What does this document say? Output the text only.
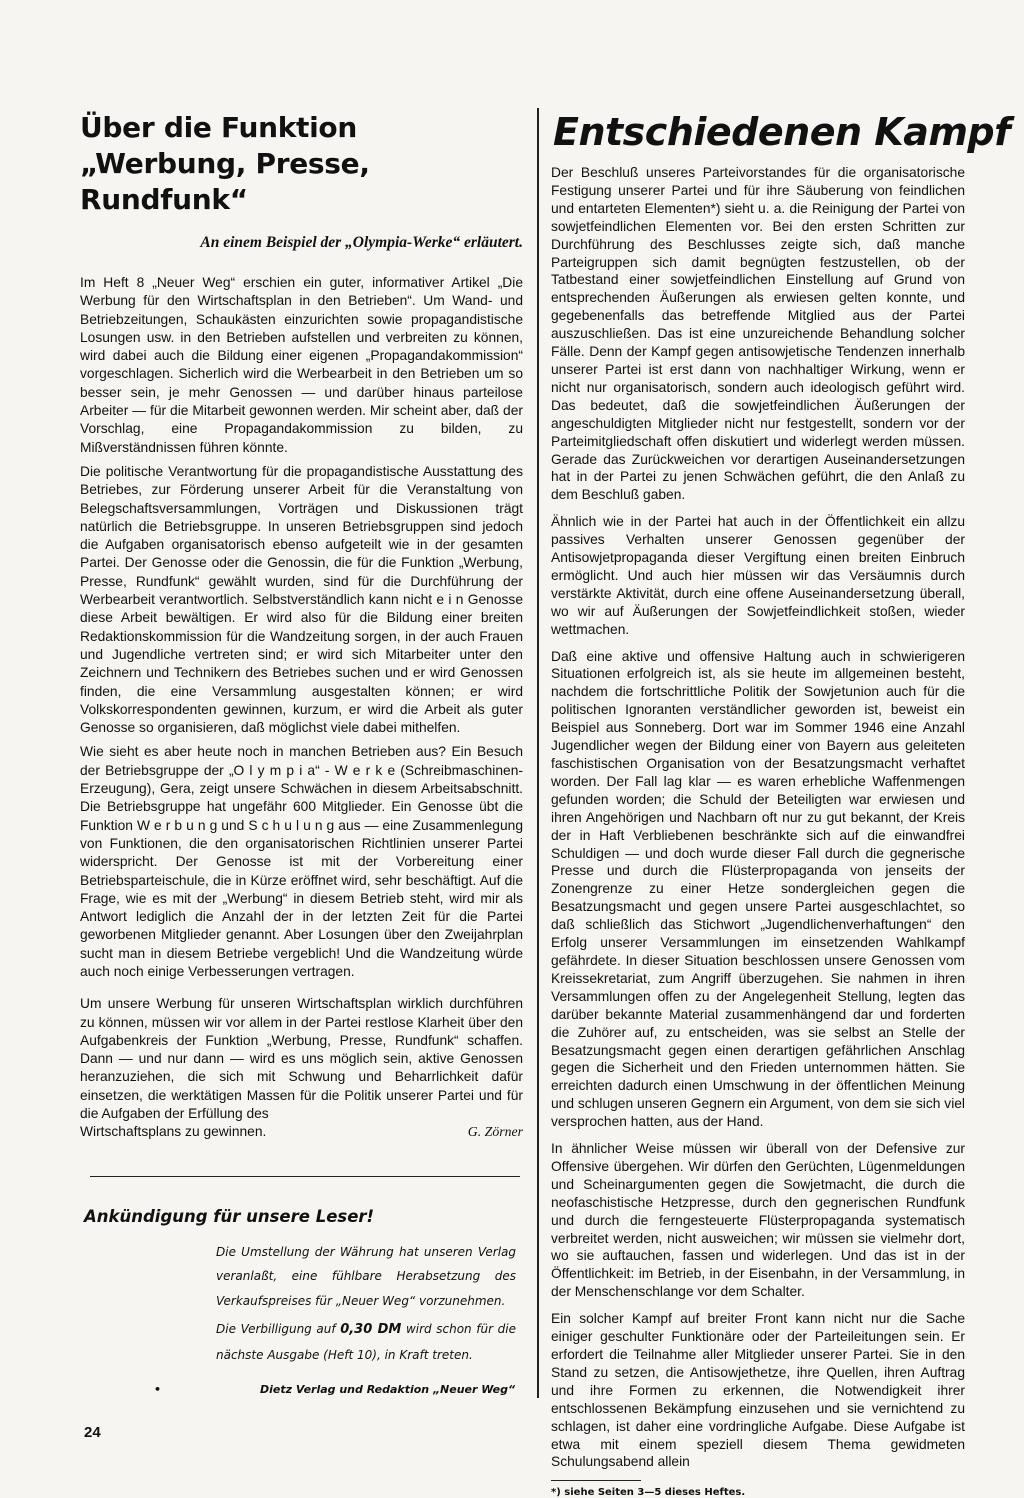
Über die Funktion
„Werbung, Presse, Rundfunk“
An einem Beispiel der „Olympia-Werke“ erläutert.

Im Heft 8 „Neuer Weg“ erschien ein guter, informativer Artikel „Die Werbung für den Wirtschaftsplan in den Betrieben“. Um Wand- und Betriebzeitungen, Schaukästen einzurichten sowie propagandistische Losungen usw. in den Betrieben aufstellen und verbreiten zu können, wird dabei auch die Bildung einer eigenen „Propagandakommission“ vorgeschlagen. Sicherlich wird die Werbearbeit in den Betrieben um so besser sein, je mehr Genossen — und darüber hinaus parteilose Arbeiter — für die Mitarbeit gewonnen werden. Mir scheint aber, daß der Vorschlag, eine Propagandakommission zu bilden, zu Mißverständnissen führen könnte.

Die politische Verantwortung für die propagandistische Ausstattung des Betriebes, zur Förderung unserer Arbeit für die Veranstaltung von Belegschaftsversammlungen, Vorträgen und Diskussionen trägt natürlich die Betriebsgruppe. In unseren Betriebsgruppen sind jedoch die Aufgaben organisatorisch ebenso aufgeteilt wie in der gesamten Partei. Der Genosse oder die Genossin, die für die Funktion „Werbung, Presse, Rundfunk“ gewählt wurden, sind für die Durchführung der Werbearbeit verantwortlich. Selbstverständlich kann nicht e i n Genosse diese Arbeit bewältigen. Er wird also für die Bildung einer breiten Redaktionskommission für die Wandzeitung sorgen, in der auch Frauen und Jugendliche vertreten sind; er wird sich Mitarbeiter unter den Zeichnern und Technikern des Betriebes suchen und er wird Genossen finden, die eine Versammlung ausgestalten können; er wird Volkskorrespondenten gewinnen, kurzum, er wird die Arbeit als guter Genosse so organisieren, daß möglichst viele dabei mithelfen.

Wie sieht es aber heute noch in manchen Betrieben aus? Ein Besuch der Betriebsgruppe der „O l y m p i a“ - W e r k e (Schreibmaschinen-Erzeugung), Gera, zeigt unsere Schwächen in diesem Arbeitsabschnitt. Die Betriebsgruppe hat ungefähr 600 Mitglieder. Ein Genosse übt die Funktion W e r b u n g und S c h u l u n g aus — eine Zusammenlegung von Funktionen, die den organisatorischen Richtlinien unserer Partei widerspricht. Der Genosse ist mit der Vorbereitung einer Betriebsparteischule, die in Kürze eröffnet wird, sehr beschäftigt. Auf die Frage, wie es mit der „Werbung“ in diesem Betrieb steht, wird mir als Antwort lediglich die Anzahl der in der letzten Zeit für die Partei geworbenen Mitglieder genannt. Aber Losungen über den Zweijahrplan sucht man in diesem Betriebe vergeblich! Und die Wandzeitung würde auch noch einige Verbesserungen vertragen.

Um unsere Werbung für unseren Wirtschaftsplan wirklich durchführen zu können, müssen wir vor allem in der Partei restlose Klarheit über den Aufgabenkreis der Funktion „Werbung, Presse, Rundfunk“ schaffen. Dann — und nur dann — wird es uns möglich sein, aktive Genossen heranzuziehen, die sich mit Schwung und Beharrlichkeit dafür einsetzen, die werktätigen Massen für die Politik unserer Partei und für die Aufgaben der Erfüllung des
Wirtschaftsplans zu gewinnen.	G. Zörner

Ankündigung für unsere Leser!

Die Umstellung der Währung hat unseren Verlag veranlaßt, eine fühlbare Herabsetzung des Verkaufspreises für „Neuer Weg“ vorzunehmen.

Die Verbilligung auf 0,30 DM wird schon für die nächste Ausgabe (Heft 10), in Kraft treten.

•	Dietz Verlag und Redaktion „Neuer Weg“
Entschiedenen Kampf

Der Beschluß unseres Parteivorstandes für die organisatorische Festigung unserer Partei und für ihre Säuberung von feindlichen und entarteten Elementen*) sieht u. a. die Reinigung der Partei von sowjetfeindlichen Elementen vor. Bei den ersten Schritten zur Durchführung des Beschlusses zeigte sich, daß manche Parteigruppen sich damit begnügten festzustellen, ob der Tatbestand einer sowjetfeindlichen Einstellung auf Grund von entsprechenden Äußerungen als erwiesen gelten konnte, und gegebenenfalls das betreffende Mitglied aus der Partei auszuschließen. Das ist eine unzureichende Behandlung solcher Fälle. Denn der Kampf gegen antisowjetische Tendenzen innerhalb unserer Partei ist erst dann von nachhaltiger Wirkung, wenn er nicht nur organisatorisch, sondern auch ideologisch geführt wird. Das bedeutet, daß die sowjetfeindlichen Äußerungen der angeschuldigten Mitglieder nicht nur festgestellt, sondern vor der Parteimitgliedschaft offen diskutiert und widerlegt werden müssen. Gerade das Zurückweichen vor derartigen Auseinandersetzungen hat in der Partei zu jenen Schwächen geführt, die den Anlaß zu dem Beschluß gaben.

Ähnlich wie in der Partei hat auch in der Öffentlichkeit ein allzu passives Verhalten unserer Genossen gegenüber der Antisowjetpropaganda dieser Vergiftung einen breiten Einbruch ermöglicht. Und auch hier müssen wir das Versäumnis durch verstärkte Aktivität, durch eine offene Auseinandersetzung überall, wo wir auf Äußerungen der Sowjetfeindlichkeit stoßen, wieder wettmachen.

Daß eine aktive und offensive Haltung auch in schwierigeren Situationen erfolgreich ist, als sie heute im allgemeinen besteht, nachdem die fortschrittliche Politik der Sowjetunion auch für die politischen Ignoranten verständlicher geworden ist, beweist ein Beispiel aus Sonneberg. Dort war im Sommer 1946 eine Anzahl Jugendlicher wegen der Bildung einer von Bayern aus geleiteten faschistischen Organisation von der Besatzungsmacht verhaftet worden. Der Fall lag klar — es waren erhebliche Waffenmengen gefunden worden; die Schuld der Beteiligten war erwiesen und ihren Angehörigen und Nachbarn oft nur zu gut bekannt, der Kreis der in Haft Verbliebenen beschränkte sich auf die einwandfrei Schuldigen — und doch wurde dieser Fall durch die gegnerische Presse und durch die Flüsterpropaganda von jenseits der Zonengrenze zu einer Hetze sondergleichen gegen die Besatzungsmacht und gegen unsere Partei ausgeschlachtet, so daß schließlich das Stichwort „Jugendlichenverhaftungen“ den Erfolg unserer Versammlungen im einsetzenden Wahlkampf gefährdete. In dieser Situation beschlossen unsere Genossen vom Kreissekretariat, zum Angriff überzugehen. Sie nahmen in ihren Versammlungen offen zu der Angelegenheit Stellung, legten das darüber bekannte Material zusammenhängend dar und forderten die Zuhörer auf, zu entscheiden, was sie selbst an Stelle der Besatzungsmacht gegen einen derartigen gefährlichen Anschlag gegen die Sicherheit und den Frieden unternommen hätten. Sie erreichten dadurch einen Umschwung in der öffentlichen Meinung und schlugen unseren Gegnern ein Argument, von dem sie sich viel versprochen hatten, aus der Hand.

In ähnlicher Weise müssen wir überall von der Defensive zur Offensive übergehen. Wir dürfen den Gerüchten, Lügenmeldungen und Scheinargumenten gegen die Sowjetmacht, die durch die neofaschistische Hetzpresse, durch den gegnerischen Rundfunk und durch die ferngesteuerte Flüsterpropaganda systematisch verbreitet werden, nicht ausweichen; wir müssen sie vielmehr dort, wo sie auftauchen, fassen und widerlegen. Und das ist in der Öffentlichkeit: im Betrieb, in der Eisenbahn, in der Versammlung, in der Menschenschlange vor dem Schalter.

Ein solcher Kampf auf breiter Front kann nicht nur die Sache einiger geschulter Funktionäre oder der Parteileitungen sein. Er erfordert die Teilnahme aller Mitglieder unserer Partei. Sie in den Stand zu setzen, die Antisowjethetze, ihre Quellen, ihren Auftrag und ihre Formen zu erkennen, die Notwendigkeit ihrer entschlossenen Bekämpfung einzusehen und sie vernichtend zu schlagen, ist daher eine vordringliche Aufgabe. Diese Aufgabe ist etwa mit einem speziell diesem Thema gewidmeten Schulungsabend allein

*) siehe Seiten 3—5 dieses Heftes.
24
